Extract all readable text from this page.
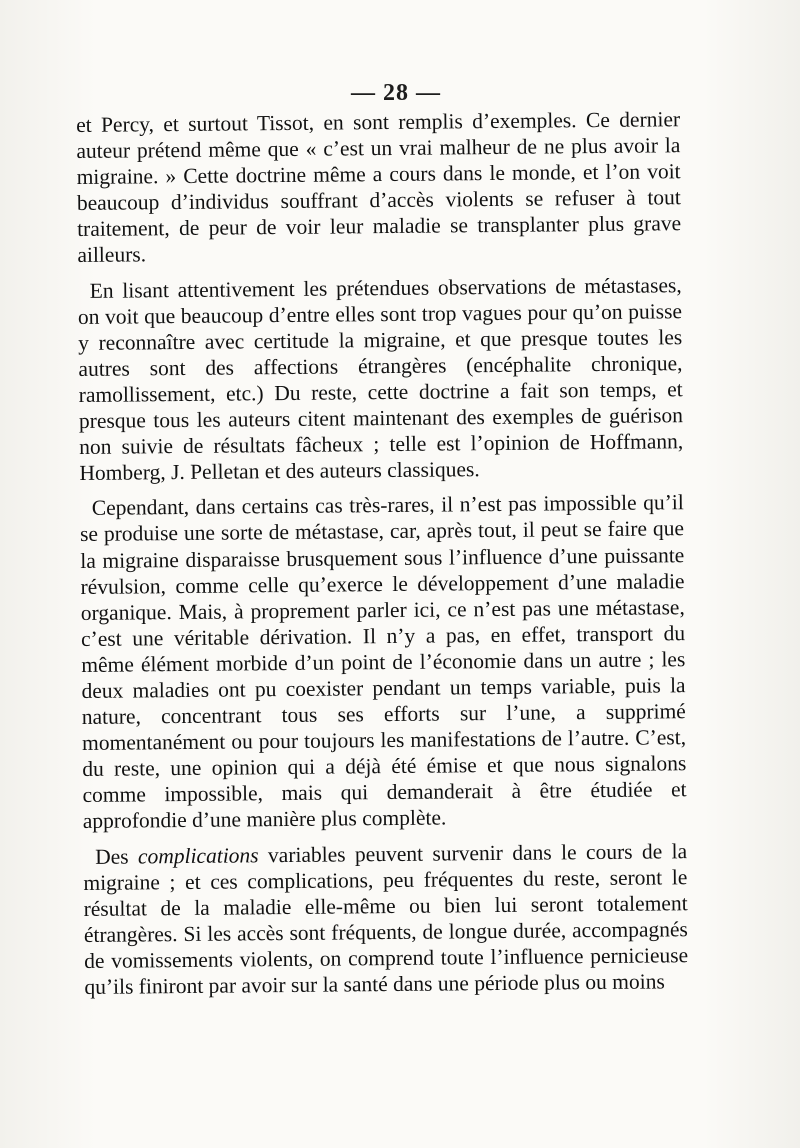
— 28 —

et Percy, et surtout Tissot, en sont remplis d’exemples. Ce dernier auteur prétend même que « c’est un vrai malheur de ne plus avoir la migraine. » Cette doctrine même a cours dans le monde, et l’on voit beaucoup d’individus souffrant d’accès violents se refuser à tout traitement, de peur de voir leur maladie se transplanter plus grave ailleurs.

En lisant attentivement les prétendues observations de métastases, on voit que beaucoup d’entre elles sont trop vagues pour qu’on puisse y reconnaître avec certitude la migraine, et que presque toutes les autres sont des affections étrangères (encéphalite chronique, ramollissement, etc.) Du reste, cette doctrine a fait son temps, et presque tous les auteurs citent maintenant des exemples de guérison non suivie de résultats fâcheux ; telle est l’opinion de Hoffmann, Homberg, J. Pelletan et des auteurs classiques.

Cependant, dans certains cas très-rares, il n’est pas impossible qu’il se produise une sorte de métastase, car, après tout, il peut se faire que la migraine disparaisse brusquement sous l’influence d’une puissante révulsion, comme celle qu’exerce le développement d’une maladie organique. Mais, à proprement parler ici, ce n’est pas une métastase, c’est une véritable dérivation. Il n’y a pas, en effet, transport du même élément morbide d’un point de l’économie dans un autre ; les deux maladies ont pu coexister pendant un temps variable, puis la nature, concentrant tous ses efforts sur l’une, a supprimé momentanément ou pour toujours les manifestations de l’autre. C’est, du reste, une opinion qui a déjà été émise et que nous signalons comme impossible, mais qui demanderait à être étudiée et approfondie d’une manière plus complète.

Des complications variables peuvent survenir dans le cours de la migraine ; et ces complications, peu fréquentes du reste, seront le résultat de la maladie elle-même ou bien lui seront totalement étrangères. Si les accès sont fréquents, de longue durée, accompagnés de vomissements violents, on comprend toute l’influence pernicieuse qu’ils finiront par avoir sur la santé dans une période plus ou moins
